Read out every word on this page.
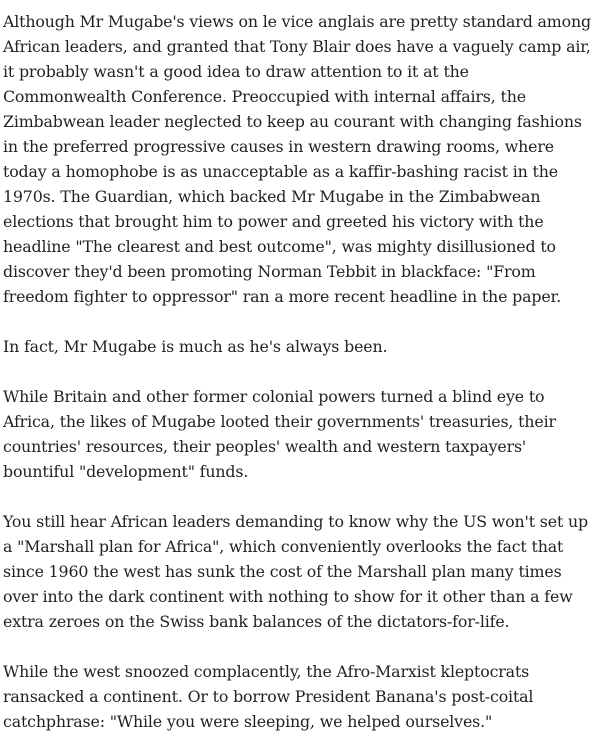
Although Mr Mugabe's views on le vice anglais are pretty standard among African leaders, and granted that Tony Blair does have a vaguely camp air, it probably wasn't a good idea to draw attention to it at the Commonwealth Conference. Preoccupied with internal affairs, the Zimbabwean leader neglected to keep au courant with changing fashions in the preferred progressive causes in western drawing rooms, where today a homophobe is as unacceptable as a kaffir-bashing racist in the 1970s. The Guardian, which backed Mr Mugabe in the Zimbabwean elections that brought him to power and greeted his victory with the headline "The clearest and best outcome", was mighty disillusioned to discover they'd been promoting Norman Tebbit in blackface: "From freedom fighter to oppressor" ran a more recent headline in the paper.

In fact, Mr Mugabe is much as he's always been.

While Britain and other former colonial powers turned a blind eye to Africa, the likes of Mugabe looted their governments' treasuries, their countries' resources, their peoples' wealth and western taxpayers' bountiful "development" funds.

You still hear African leaders demanding to know why the US won't set up a "Marshall plan for Africa", which conveniently overlooks the fact that since 1960 the west has sunk the cost of the Marshall plan many times over into the dark continent with nothing to show for it other than a few extra zeroes on the Swiss bank balances of the dictators-for-life.

While the west snoozed complacently, the Afro-Marxist kleptocrats ransacked a continent. Or to borrow President Banana's post-coital catchphrase: "While you were sleeping, we helped ourselves."
